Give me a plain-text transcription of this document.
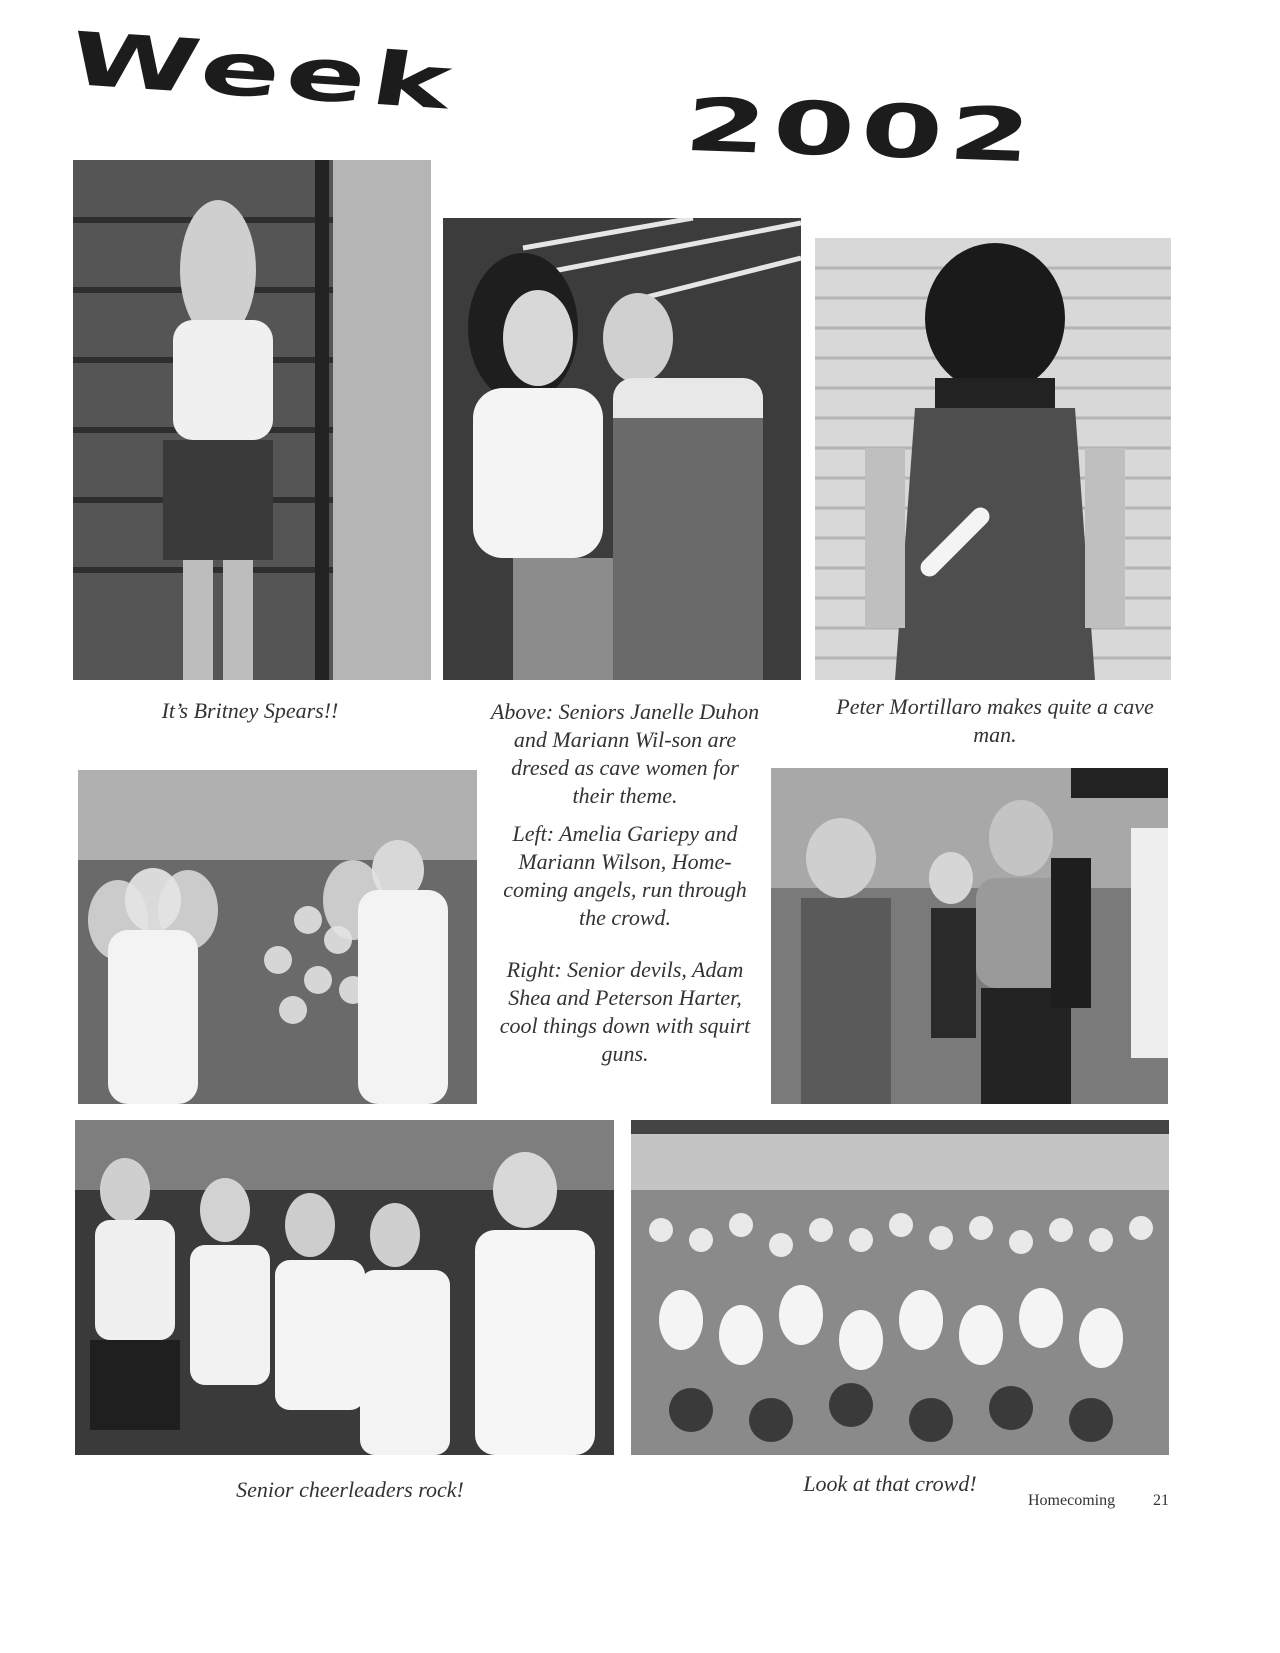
Week
2002
It’s Britney Spears!!	Above: Seniors Janelle Duhon and Mariann Wil-son are dresed as cave women for their theme.

Left: Amelia Gariepy and Mariann Wilson, Home-coming angels, run through the crowd.

Right: Senior devils, Adam Shea and Peterson Harter, cool things down with squirt guns.

Peter Mortillaro makes quite a cave man.
Senior cheerleaders rock!	Look at that crowd!
Homecoming 21
